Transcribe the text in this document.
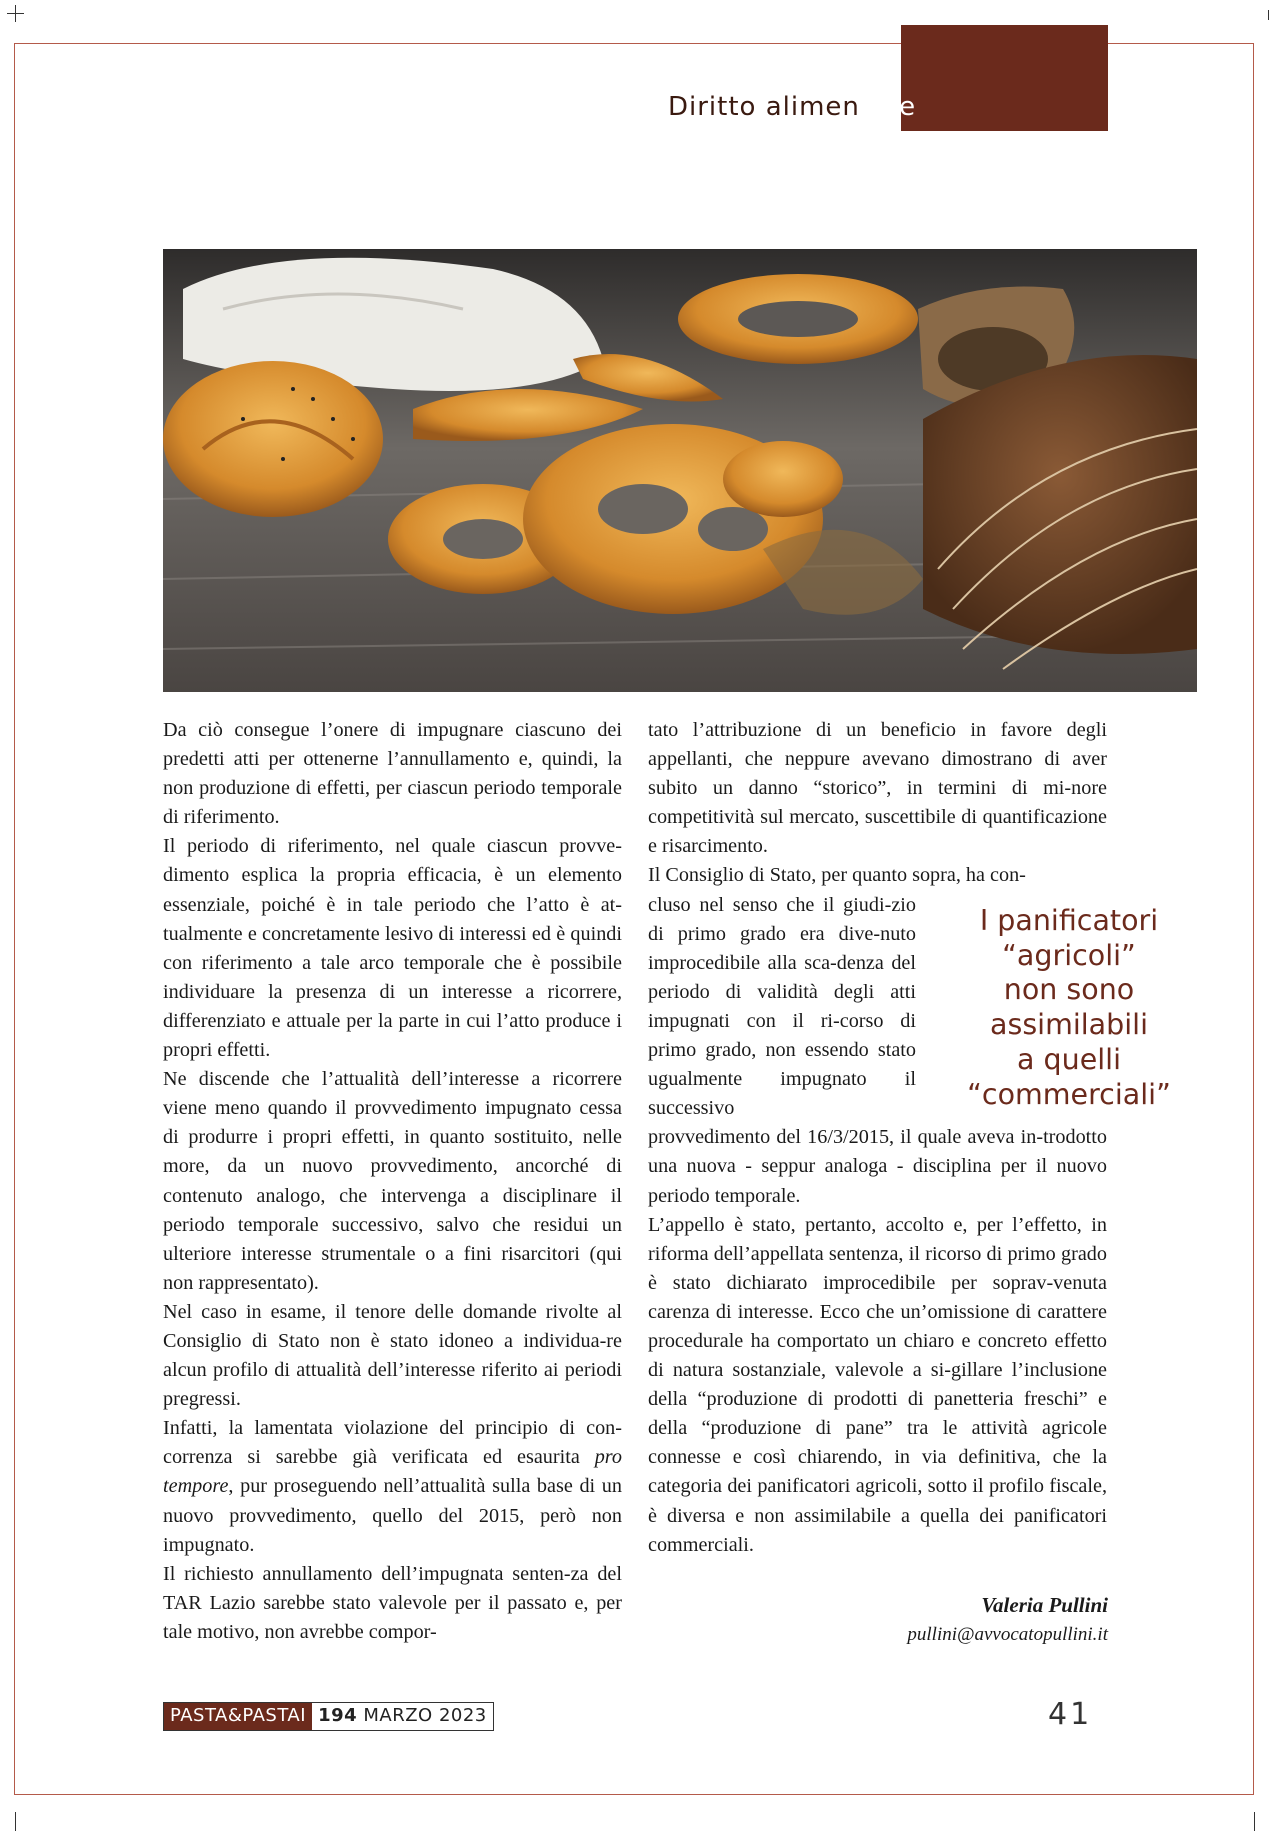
Diritto alimentare

Da ciò consegue l’onere di impugnare ciascuno dei predetti atti per ottenerne l’annullamento e, quindi, la non produzione di effetti, per ciascun periodo temporale di riferimento.

Il periodo di riferimento, nel quale ciascun provve-dimento esplica la propria efficacia, è un elemento essenziale, poiché è in tale periodo che l’atto è at-tualmente e concretamente lesivo di interessi ed è quindi con riferimento a tale arco temporale che è possibile individuare la presenza di un interesse a ricorrere, differenziato e attuale per la parte in cui l’atto produce i propri effetti.

Ne discende che l’attualità dell’interesse a ricorrere viene meno quando il provvedimento impugnato cessa di produrre i propri effetti, in quanto sostituito, nelle more, da un nuovo provvedimento, ancorché di contenuto analogo, che intervenga a disciplinare il periodo temporale successivo, salvo che residui un ulteriore interesse strumentale o a fini risarcitori (qui non rappresentato).

Nel caso in esame, il tenore delle domande rivolte al Consiglio di Stato non è stato idoneo a individua-re alcun profilo di attualità dell’interesse riferito ai periodi pregressi.

Infatti, la lamentata violazione del principio di con-correnza si sarebbe già verificata ed esaurita pro tempore, pur proseguendo nell’attualità sulla base di un nuovo provvedimento, quello del 2015, però non impugnato.

Il richiesto annullamento dell’impugnata senten-za del TAR Lazio sarebbe stato valevole per il passato e, per tale motivo, non avrebbe compor-

tato l’attribuzione di un beneficio in favore degli appellanti, che neppure avevano dimostrano di aver subito un danno “storico”, in termini di mi-nore competitività sul mercato, suscettibile di quantificazione e risarcimento.

Il Consiglio di Stato, per quanto sopra, ha con-

cluso nel senso che il giudi-zio di primo grado era dive-nuto improcedibile alla sca-denza del periodo di validità degli atti impugnati con il ri-corso di primo grado, non essendo stato ugualmente impugnato il successivo

provvedimento del 16/3/2015, il quale aveva in-trodotto una nuova - seppur analoga - disciplina per il nuovo periodo temporale.

L’appello è stato, pertanto, accolto e, per l’effetto, in riforma dell’appellata sentenza, il ricorso di primo grado è stato dichiarato improcedibile per soprav-venuta carenza di interesse. Ecco che un’omissione di carattere procedurale ha comportato un chiaro e concreto effetto di natura sostanziale, valevole a si-gillare l’inclusione della “produzione di prodotti di panetteria freschi” e della “produzione di pane” tra le attività agricole connesse e così chiarendo, in via definitiva, che la categoria dei panificatori agricoli, sotto il profilo fiscale, è diversa e non assimilabile a quella dei panificatori commerciali.

I panificatori
“agricoli”
non sono
assimilabili
a quelli
“commerciali”
Valeria Pullini
pullini@avvocatopullini.it
PASTA&PASTAI 194 MARZO 2023	41
